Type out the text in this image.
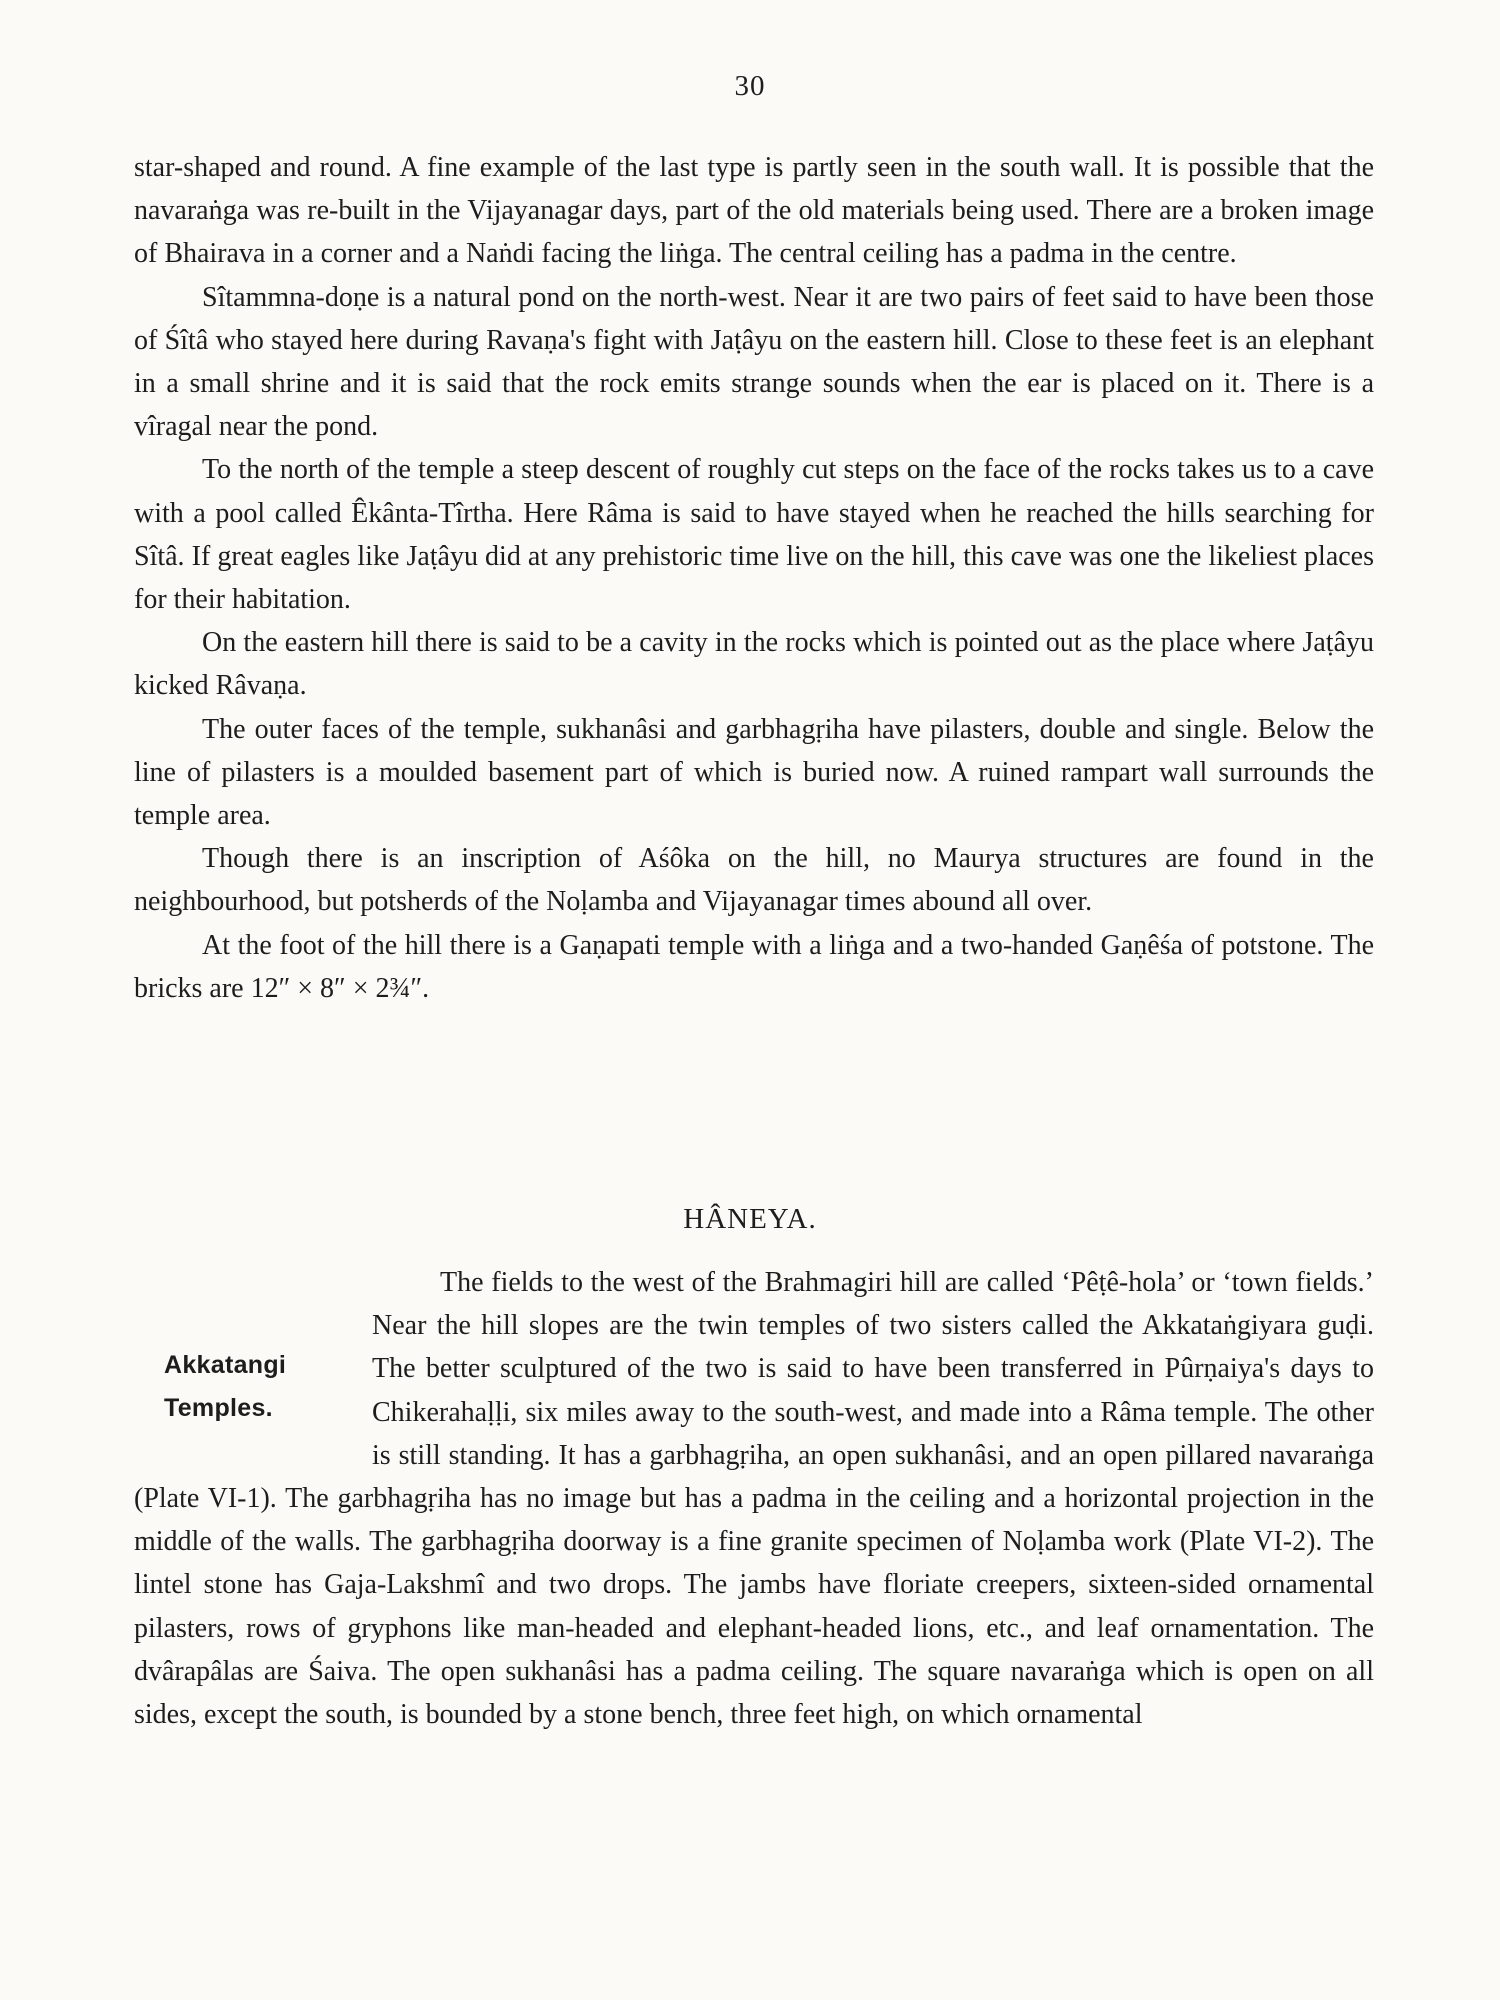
30

star-shaped and round. A fine example of the last type is partly seen in the south wall. It is possible that the navaraṅga was re-built in the Vijayanagar days, part of the old materials being used. There are a broken image of Bhairava in a corner and a Naṅdi facing the liṅga. The central ceiling has a padma in the centre.

Sîtammna-doṇe is a natural pond on the north-west. Near it are two pairs of feet said to have been those of Śîtâ who stayed here during Ravaṇa's fight with Jaṭâyu on the eastern hill. Close to these feet is an elephant in a small shrine and it is said that the rock emits strange sounds when the ear is placed on it. There is a vîragal near the pond.

To the north of the temple a steep descent of roughly cut steps on the face of the rocks takes us to a cave with a pool called Êkânta-Tîrtha. Here Râma is said to have stayed when he reached the hills searching for Sîtâ. If great eagles like Jaṭâyu did at any prehistoric time live on the hill, this cave was one the likeliest places for their habitation.

On the eastern hill there is said to be a cavity in the rocks which is pointed out as the place where Jaṭâyu kicked Râvaṇa.

The outer faces of the temple, sukhanâsi and garbhagṛiha have pilasters, double and single. Below the line of pilasters is a moulded basement part of which is buried now. A ruined rampart wall surrounds the temple area.

Though there is an inscription of Aśôka on the hill, no Maurya structures are found in the neighbourhood, but potsherds of the Noḷamba and Vijayanagar times abound all over.

At the foot of the hill there is a Gaṇapati temple with a liṅga and a two-handed Gaṇêśa of potstone. The bricks are 12″ × 8″ × 2¾″.

HÂNEYA.
Akkatangi Temples.

The fields to the west of the Brahmagiri hill are called ‘Pêṭê-hola’ or ‘town fields.’ Near the hill slopes are the twin temples of two sisters called the Akkataṅgiyara guḍi. The better sculptured of the two is said to have been transferred in Pûrṇaiya's days to Chikerahaḷḷi, six miles away to the south-west, and made into a Râma temple. The other is still standing. It has a garbhagṛiha, an open sukhanâsi, and an open pillared navaraṅga (Plate VI-1). The garbhagṛiha has no image but has a padma in the ceiling and a horizontal projection in the middle of the walls. The garbhagṛiha doorway is a fine granite specimen of Noḷamba work (Plate VI-2). The lintel stone has Gaja-Lakshmî and two drops. The jambs have floriate creepers, sixteen-sided ornamental pilasters, rows of gryphons like man-headed and elephant-headed lions, etc., and leaf ornamentation. The dvârapâlas are Śaiva. The open sukhanâsi has a padma ceiling. The square navaraṅga which is open on all sides, except the south, is bounded by a stone bench, three feet high, on which ornamental
